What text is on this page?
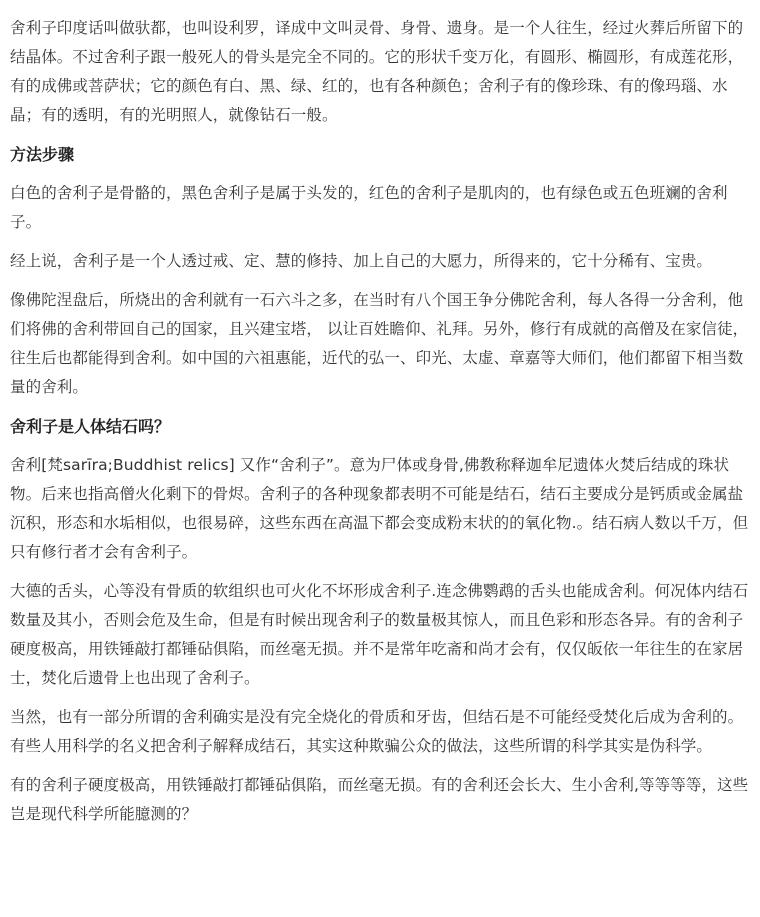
舍利子印度话叫做驮都，也叫设利罗，译成中文叫灵骨、身骨、遗身。是一个人往生，经过火葬后所留下的结晶体。不过舍利子跟一般死人的骨头是完全不同的。它的形状千变万化，有圆形、椭圆形，有成莲花形，有的成佛或菩萨状；它的颜色有白、黑、绿、红的，也有各种颜色；舍利子有的像珍珠、有的像玛瑙、水晶；有的透明，有的光明照人，就像钻石一般。

方法步骤

白色的舍利子是骨骼的，黑色舍利子是属于头发的，红色的舍利子是肌肉的，也有绿色或五色班斓的舍利子。

经上说，舍利子是一个人透过戒、定、慧的修持、加上自己的大愿力，所得来的，它十分稀有、宝贵。

像佛陀涅盘后，所烧出的舍利就有一石六斗之多，在当时有八个国王争分佛陀舍利，每人各得一分舍利，他们将佛的舍利带回自己的国家，且兴建宝塔， 以让百姓瞻仰、礼拜。另外，修行有成就的高僧及在家信徒，往生后也都能得到舍利。如中国的六祖惠能，近代的弘一、印光、太虚、章嘉等大师们，他们都留下相当数量的舍利。

舍利子是人体结石吗？

舍利[梵sarīra;Buddhist relics] 又作“舍利子”。意为尸体或身骨,佛教称释迦牟尼遗体火焚后结成的珠状物。后来也指高僧火化剩下的骨烬。舍利子的各种现象都表明不可能是结石，结石主要成分是钙质或金属盐沉积，形态和水垢相似，也很易碎，这些东西在高温下都会变成粉末状的的氧化物.。结石病人数以千万，但只有修行者才会有舍利子。

大德的舌头，心等没有骨质的软组织也可火化不坏形成舍利子.连念佛鹦鹉的舌头也能成舍利。何况体内结石数量及其小，否则会危及生命，但是有时候出现舍利子的数量极其惊人，而且色彩和形态各异。有的舍利子硬度极高，用铁锤敲打都锤砧俱陷，而丝毫无损。并不是常年吃斋和尚才会有，仅仅皈依一年往生的在家居士，焚化后遗骨上也出现了舍利子。

当然，也有一部分所谓的舍利确实是没有完全烧化的骨质和牙齿，但结石是不可能经受焚化后成为舍利的。有些人用科学的名义把舍利子解释成结石，其实这种欺骗公众的做法，这些所谓的科学其实是伪科学。

有的舍利子硬度极高，用铁锤敲打都锤砧俱陷，而丝毫无损。有的舍利还会长大、生小舍利,等等等等，这些岂是现代科学所能臆测的？
